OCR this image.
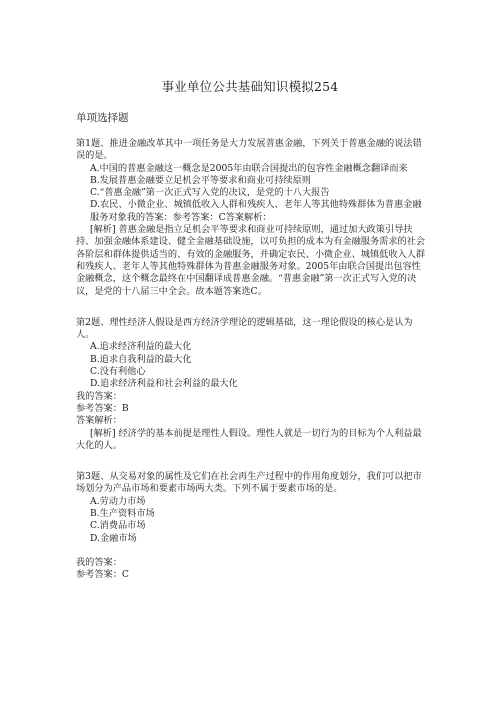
事业单位公共基础知识模拟254
单项选择题

第1题、推进金融改革其中一项任务是大力发展普惠金融，下列关于普惠金融的说法错误的是。

A.中国的普惠金融这一概念是2005年由联合国提出的包容性金融概念翻译而来

B.发展普惠金融要立足机会平等要求和商业可持续原则

C.“普惠金融”第一次正式写入党的决议，是党的十八大报告

D.农民、小微企业、城镇低收入人群和残疾人、老年人等其他特殊群体为普惠金融服务对象我的答案：参考答案：C答案解析：

[解析] 普惠金融是指立足机会平等要求和商业可持续原则，通过加大政策引导扶持、加强金融体系建设、健全金融基础设施，以可负担的成本为有金融服务需求的社会各阶层和群体提供适当的、有效的金融服务，并确定农民、小微企业、城镇低收入人群和残疾人、老年人等其他特殊群体为普惠金融服务对象。2005年由联合国提出包容性金融概念，这个概念最终在中国翻译成普惠金融。“普惠金融”第一次正式写入党的决议，是党的十八届三中全会。故本题答案选C。

第2题、理性经济人假设是西方经济学理论的逻辑基础，这一理论假设的核心是认为人。

A.追求经济利益的最大化

B.追求自我利益的最大化

C.没有利他心

D.追求经济利益和社会利益的最大化

我的答案：

参考答案：B

答案解析：

[解析] 经济学的基本前提是理性人假设。理性人就是一切行为的目标为个人利益最大化的人。

第3题、从交易对象的属性及它们在社会再生产过程中的作用角度划分，我们可以把市场划分为产品市场和要素市场两大类。下列不属于要素市场的是。

A.劳动力市场

B.生产资料市场

C.消费品市场

D.金融市场

我的答案：

参考答案：C
